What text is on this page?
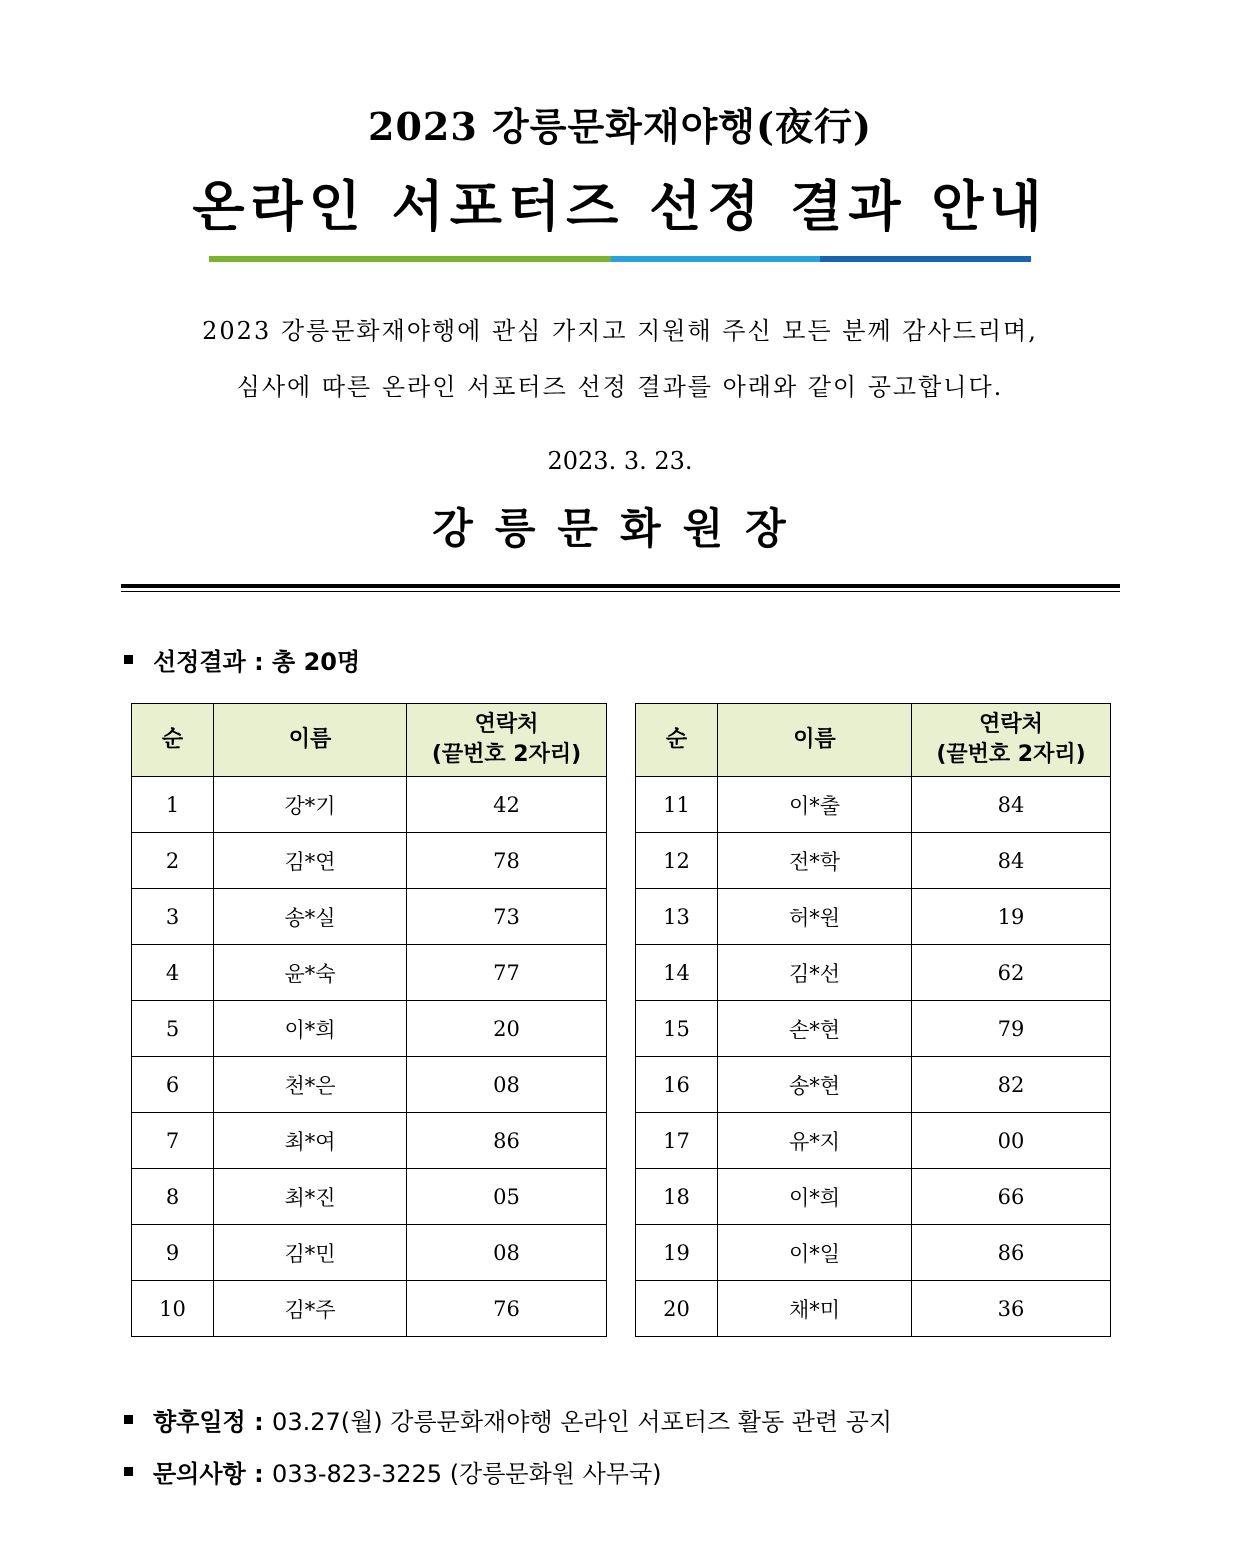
2023 강릉문화재야행(夜行)
온라인 서포터즈 선정 결과 안내
2023 강릉문화재야행에 관심 가지고 지원해 주신 모든 분께 감사드리며,
심사에 따른 온라인 서포터즈 선정 결과를 아래와 같이 공고합니다.
2023. 3. 23.
강릉문화원장
선정결과 : 총 20명
순	이름	연락처
(끝번호 2자리)
1	강*기	42
2	김*연	78
3	송*실	73
4	윤*숙	77
5	이*희	20
6	천*은	08
7	최*여	86
8	최*진	05
9	김*민	08
10	김*주	76
순	이름	연락처
(끝번호 2자리)
11	이*출	84
12	전*학	84
13	허*원	19
14	김*선	62
15	손*현	79
16	송*현	82
17	유*지	00
18	이*희	66
19	이*일	86
20	채*미	36
향후일정 : 03.27(월) 강릉문화재야행 온라인 서포터즈 활동 관련 공지
문의사항 : 033-823-3225 (강릉문화원 사무국)
